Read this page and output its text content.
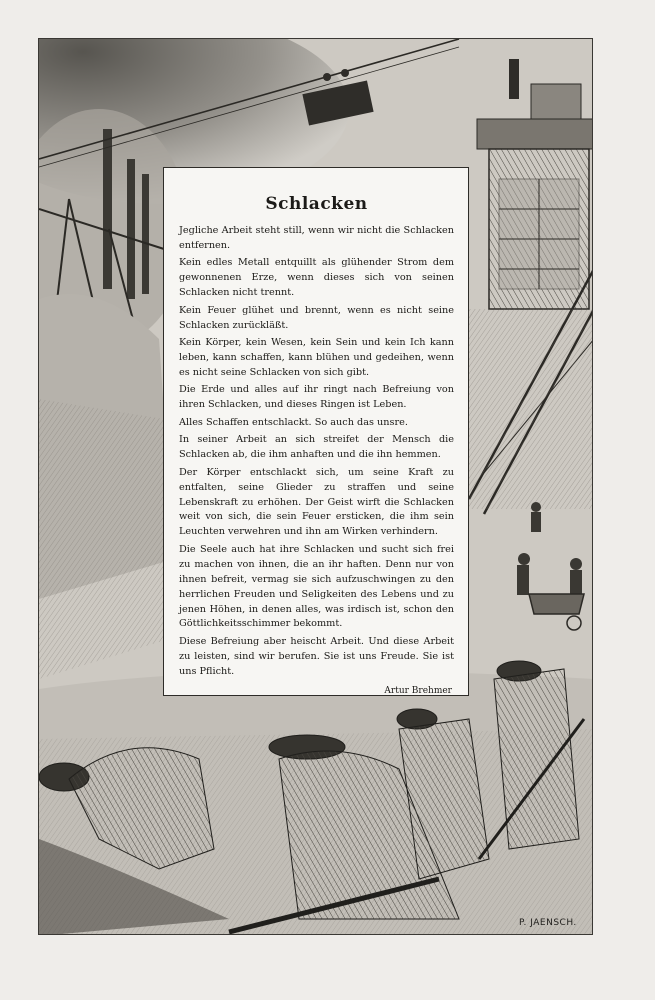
Schlacken

Jegliche Arbeit steht still, wenn wir nicht die Schlacken entfernen.

Kein edles Metall entquillt als glühender Strom dem gewonnenen Erze, wenn dieses sich von seinen Schlacken nicht trennt.

Kein Feuer glühet und brennt, wenn es nicht seine Schlacken zurückläßt.

Kein Körper, kein Wesen, kein Sein und kein Ich kann leben, kann schaffen, kann blühen und gedeihen, wenn es nicht seine Schlacken von sich gibt.

Die Erde und alles auf ihr ringt nach Befreiung von ihren Schlacken, und dieses Ringen ist Leben.

Alles Schaffen entschlackt. So auch das unsre.

In seiner Arbeit an sich streifet der Mensch die Schlacken ab, die ihm anhaften und die ihn hemmen.

Der Körper entschlackt sich, um seine Kraft zu entfalten, seine Glieder zu straffen und seine Lebenskraft zu erhöhen. Der Geist wirft die Schlacken weit von sich, die sein Feuer ersticken, die ihm sein Leuchten verwehren und ihn am Wirken verhindern.

Die Seele auch hat ihre Schlacken und sucht sich frei zu machen von ihnen, die an ihr haften. Denn nur von ihnen befreit, vermag sie sich aufzuschwingen zu den herrlichen Freuden und Seligkeiten des Lebens und zu jenen Höhen, in denen alles, was irdisch ist, schon den Göttlichkeitsschimmer bekommt.

Diese Befreiung aber heischt Arbeit. Und diese Arbeit zu leisten, sind wir berufen. Sie ist uns Freude. Sie ist uns Pflicht.

Artur Brehmer
P. JAENSCH.
